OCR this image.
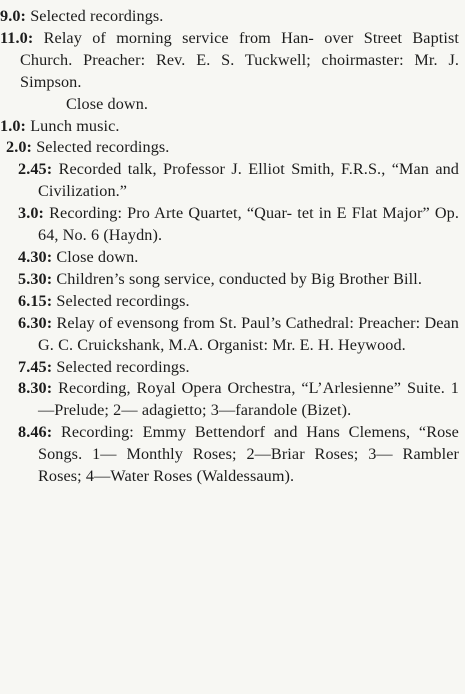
9.0: Selected recordings.

11.0: Relay of morning service from Han- over Street Baptist Church. Preacher: Rev. E. S. Tuckwell; choirmaster: Mr. J. Simpson.

Close down.

1.0: Lunch music.

2.0: Selected recordings.

2.45: Recorded talk, Professor J. Elliot Smith, F.R.S., “Man and Civilization.”

3.0: Recording: Pro Arte Quartet, “Quar- tet in E Flat Major” Op. 64, No. 6 (Haydn).

4.30: Close down.

5.30: Children’s song service, conducted by Big Brother Bill.

6.15: Selected recordings.

6.30: Relay of evensong from St. Paul’s Cathedral: Preacher: Dean G. C. Cruickshank, M.A. Organist: Mr. E. H. Heywood.

7.45: Selected recordings.

8.30: Recording, Royal Opera Orchestra, “L’Arlesienne” Suite. 1—Prelude; 2— adagietto; 3—farandole (Bizet).

8.46: Recording: Emmy Bettendorf and Hans Clemens, “Rose Songs. 1— Monthly Roses; 2—Briar Roses; 3— Rambler Roses; 4—Water Roses (Waldessaum).
